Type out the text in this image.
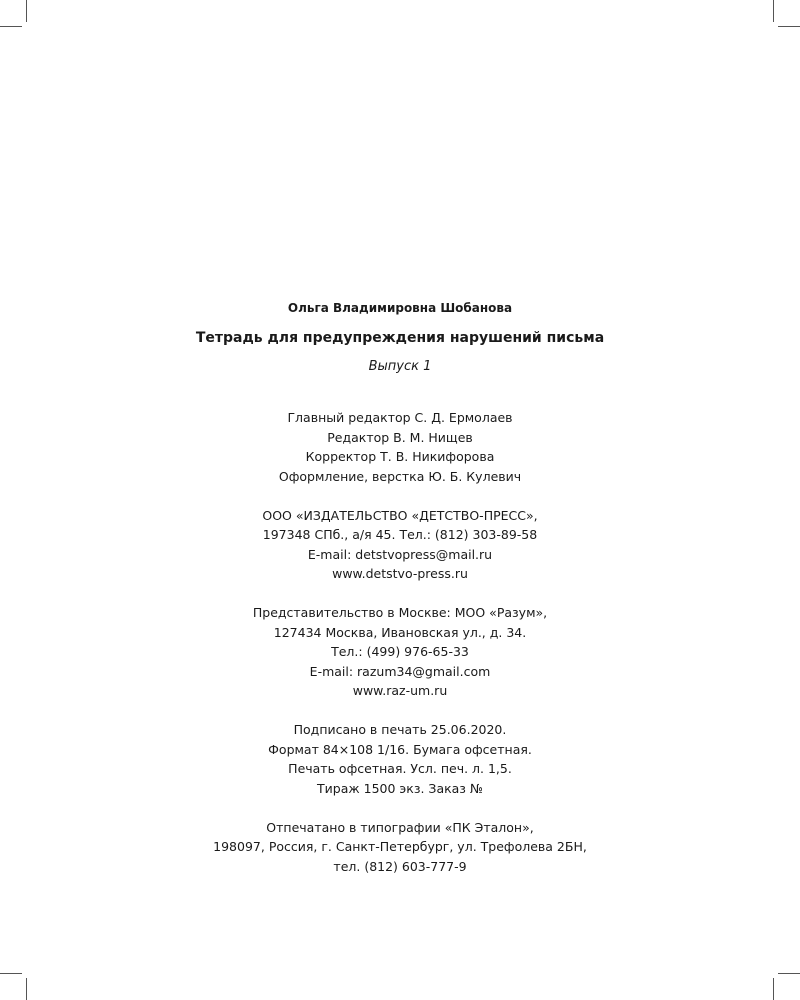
Ольга Владимировна Шобанова

Тетрадь для предупреждения нарушений письма

Выпуск 1

Главный редактор С. Д. Ермолаев
Редактор В. М. Нищев
Корректор Т. В. Никифорова
Оформление, верстка Ю. Б. Кулевич
ООО «ИЗДАТЕЛЬСТВО «ДЕТСТВО-ПРЕСС»,
197348 СПб., а/я 45. Тел.: (812) 303-89-58
E-mail: detstvopress@mail.ru
www.detstvo-press.ru
Представительство в Москве: МОО «Разум»,
127434 Москва, Ивановская ул., д. 34.
Тел.: (499) 976-65-33
E-mail: razum34@gmail.com
www.raz-um.ru
Подписано в печать 25.06.2020.
Формат 84×108 1/16. Бумага офсетная.
Печать офсетная. Усл. печ. л. 1,5.
Тираж 1500 экз. Заказ №
Отпечатано в типографии «ПК Эталон»,
198097, Россия, г. Санкт-Петербург, ул. Трефолева 2БН,
тел. (812) 603-777-9
